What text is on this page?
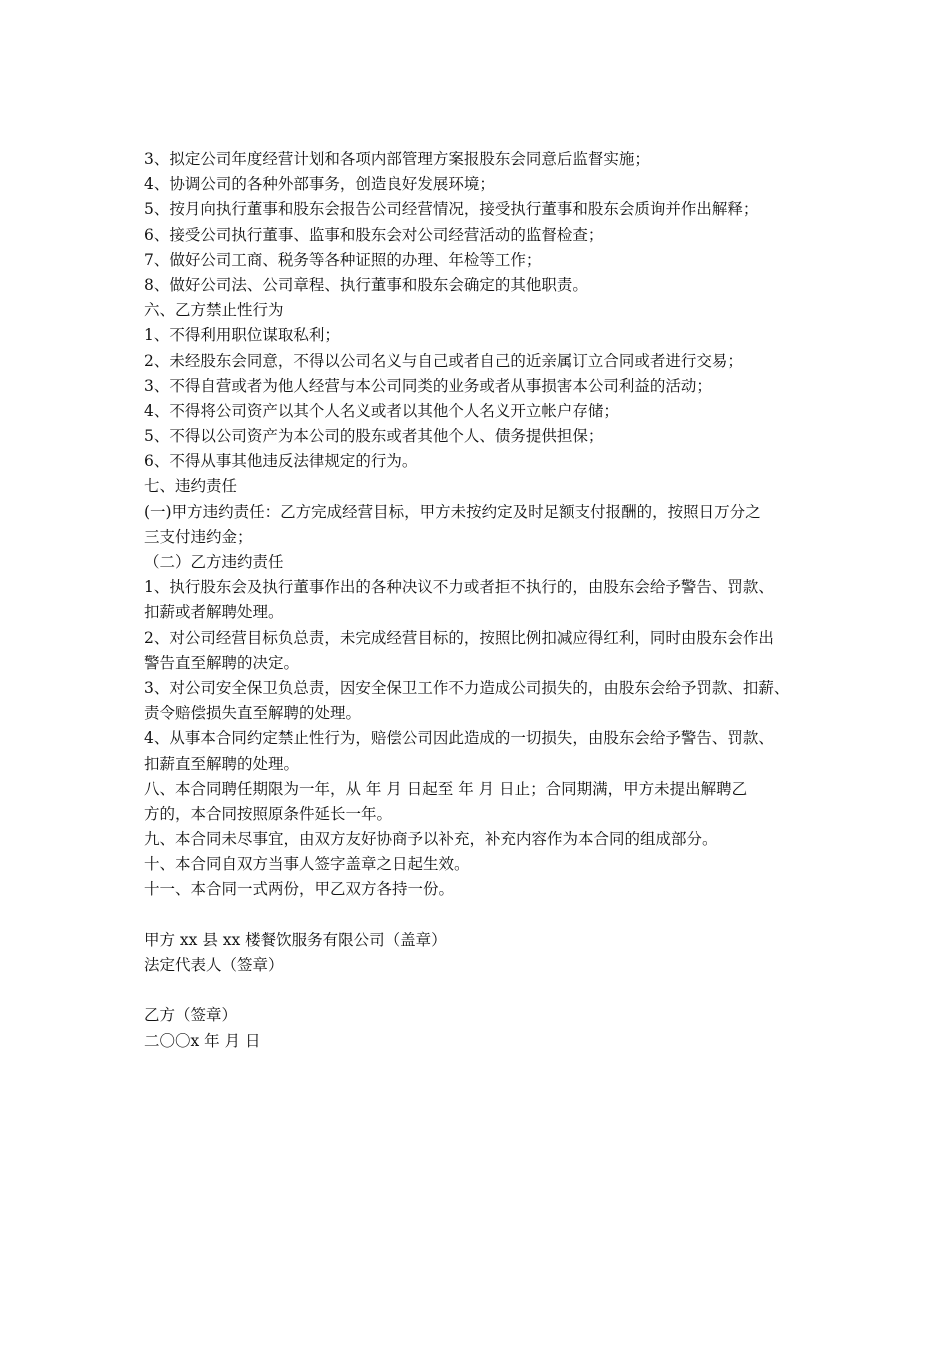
3、拟定公司年度经营计划和各项内部管理方案报股东会同意后监督实施；
4、协调公司的各种外部事务，创造良好发展环境；
5、按月向执行董事和股东会报告公司经营情况，接受执行董事和股东会质询并作出解释；
6、接受公司执行董事、监事和股东会对公司经营活动的监督检查；
7、做好公司工商、税务等各种证照的办理、年检等工作；
8、做好公司法、公司章程、执行董事和股东会确定的其他职责。
六、乙方禁止性行为
1、不得利用职位谋取私利；
2、未经股东会同意，不得以公司名义与自己或者自己的近亲属订立合同或者进行交易；
3、不得自营或者为他人经营与本公司同类的业务或者从事损害本公司利益的活动；
4、不得将公司资产以其个人名义或者以其他个人名义开立帐户存储；
5、不得以公司资产为本公司的股东或者其他个人、债务提供担保；
6、不得从事其他违反法律规定的行为。
七、违约责任
(一)甲方违约责任：乙方完成经营目标，甲方未按约定及时足额支付报酬的，按照日万分之
三支付违约金；
（二）乙方违约责任
1、执行股东会及执行董事作出的各种决议不力或者拒不执行的，由股东会给予警告、罚款、
扣薪或者解聘处理。
2、对公司经营目标负总责，未完成经营目标的，按照比例扣减应得红利，同时由股东会作出
警告直至解聘的决定。
3、对公司安全保卫负总责，因安全保卫工作不力造成公司损失的，由股东会给予罚款、扣薪、
责令赔偿损失直至解聘的处理。
4、从事本合同约定禁止性行为，赔偿公司因此造成的一切损失，由股东会给予警告、罚款、
扣薪直至解聘的处理。
八、本合同聘任期限为一年，从 年 月 日起至 年 月 日止；合同期满，甲方未提出解聘乙
方的，本合同按照原条件延长一年。
九、本合同未尽事宜，由双方友好协商予以补充，补充内容作为本合同的组成部分。
十、本合同自双方当事人签字盖章之日起生效。
十一、本合同一式两份，甲乙双方各持一份。
甲方 xx 县 xx 楼餐饮服务有限公司（盖章）
法定代表人（签章）
乙方（签章）
二〇〇x 年 月 日
